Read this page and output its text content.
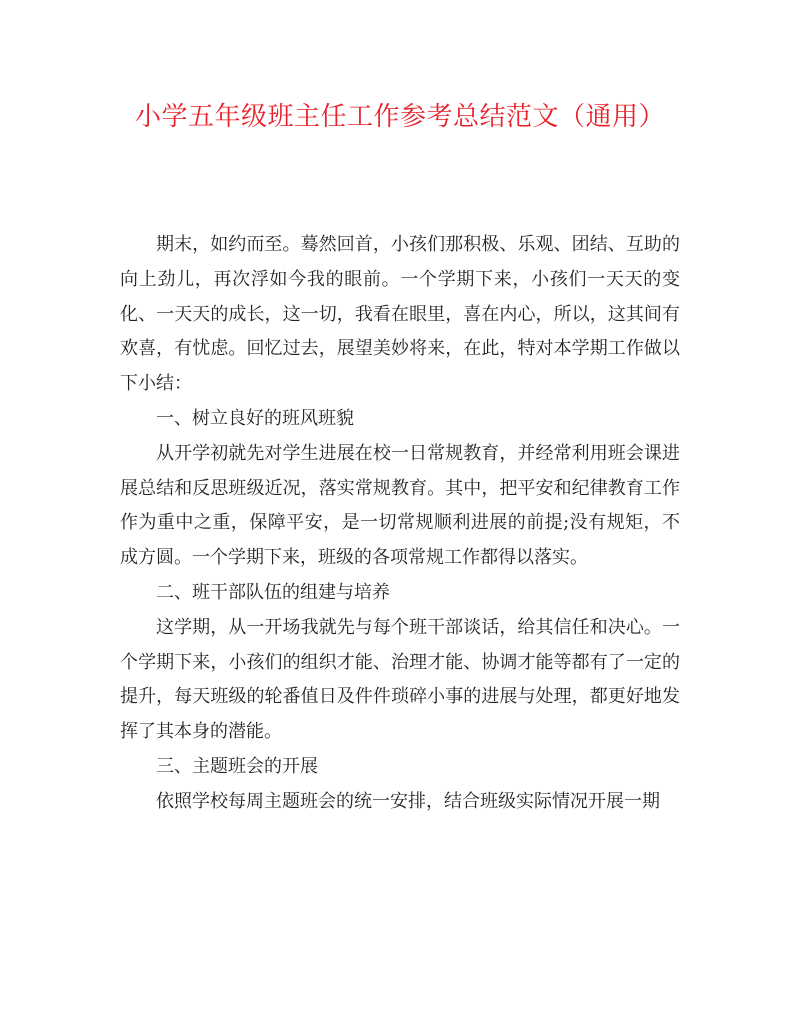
小学五年级班主任工作参考总结范文（通用）

期末，如约而至。蓦然回首，小孩们那积极、乐观、团结、互助的向上劲儿，再次浮如今我的眼前。一个学期下来，小孩们一天天的变化、一天天的成长，这一切，我看在眼里，喜在内心，所以，这其间有欢喜，有忧虑。回忆过去，展望美妙将来，在此，特对本学期工作做以下小结：

一、树立良好的班风班貌

从开学初就先对学生进展在校一日常规教育，并经常利用班会课进展总结和反思班级近况，落实常规教育。其中，把平安和纪律教育工作作为重中之重，保障平安，是一切常规顺利进展的前提;没有规矩，不成方圆。一个学期下来，班级的各项常规工作都得以落实。

二、班干部队伍的组建与培养

这学期，从一开场我就先与每个班干部谈话，给其信任和决心。一个学期下来，小孩们的组织才能、治理才能、协调才能等都有了一定的提升，每天班级的轮番值日及件件琐碎小事的进展与处理，都更好地发挥了其本身的潜能。

三、主题班会的开展

依照学校每周主题班会的统一安排，结合班级实际情况开展一期
